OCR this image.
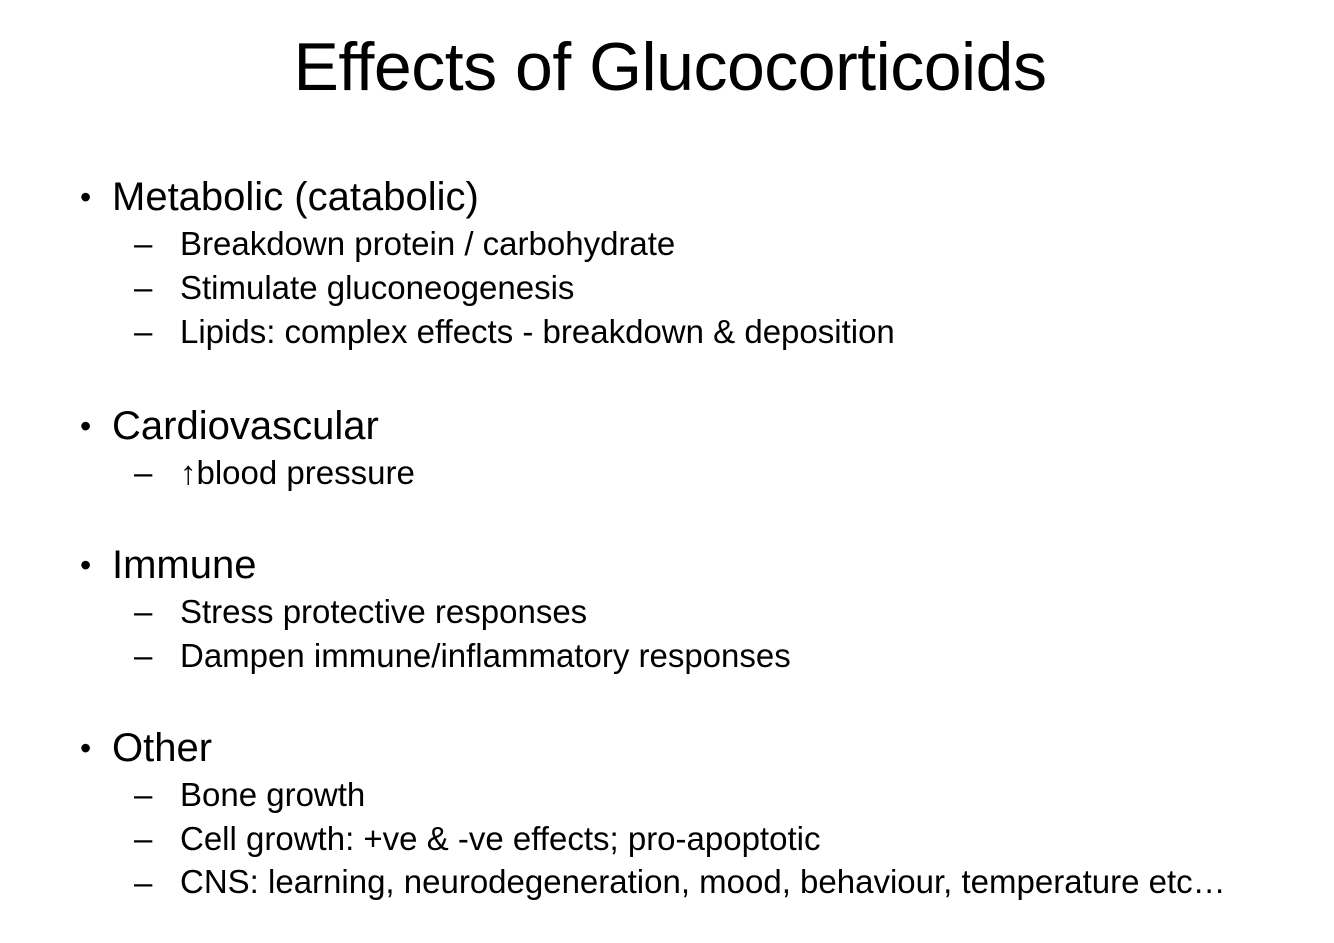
Effects of Glucocorticoids
• Metabolic (catabolic)
– Breakdown protein / carbohydrate
– Stimulate gluconeogenesis
– Lipids: complex effects - breakdown & deposition
• Cardiovascular
– ↑blood pressure
• Immune
– Stress protective responses
– Dampen immune/inflammatory responses
• Other
– Bone growth
– Cell growth: +ve & -ve effects; pro-apoptotic
– CNS: learning, neurodegeneration, mood, behaviour, temperature etc…
